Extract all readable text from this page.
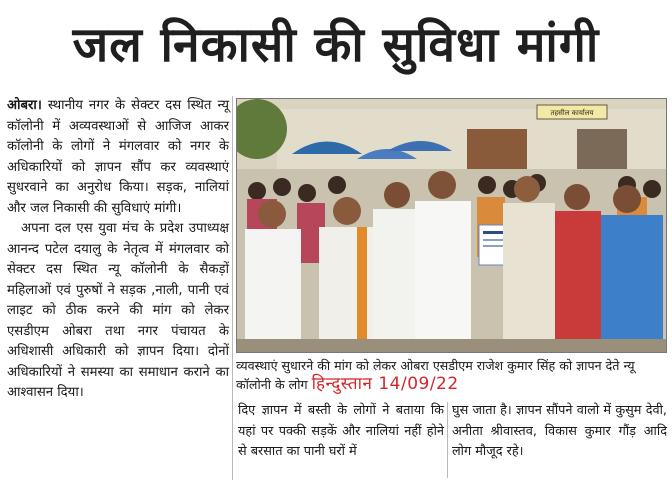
जल निकासी की सुविधा मांगी

ओबरा। स्थानीय नगर के सेक्टर दस स्थित न्यू कॉलोनी में अव्यवस्थाओं से आजिज आकर कॉलोनी के लोगों ने मंगलवार को नगर के अधिकारियों को ज्ञापन सौंप कर व्यवस्थाएं सुधरवाने का अनुरोध किया। सड़क, नालियां और जल निकासी की सुविधाएं मांगी।

अपना दल एस युवा मंच के प्रदेश उपाध्यक्ष आनन्द पटेल दयालु के नेतृत्व में मंगलवार को सेक्टर दस स्थित न्यू कॉलोनी के सैकड़ों महिलाओं एवं पुरुषों ने सड़क ,नाली, पानी एवं लाइट को ठीक करने की मांग को लेकर एसडीएम ओबरा तथा नगर पंचायत के अधिशासी अधिकारी को ज्ञापन दिया। दोनों अधिकारियों ने समस्या का समाधान कराने का आश्वासन दिया।

तहसील कार्यालय
व्यवस्थाएं सुधारने की मांग को लेकर ओबरा एसडीएम राजेश कुमार सिंह को ज्ञापन देते न्यू कॉलोनी के लोग हिन्दुस्तान 14/09/22
दिए ज्ञापन में बस्ती के लोगों ने बताया कि यहां पर पक्की सड़कें और नालियां नहीं होने से बरसात का पानी घरों में
घुस जाता है। ज्ञापन सौंपने वालो में कुसुम देवी, अनीता श्रीवास्तव, विकास कुमार गौंड़ आदि लोग मौजूद रहे।
